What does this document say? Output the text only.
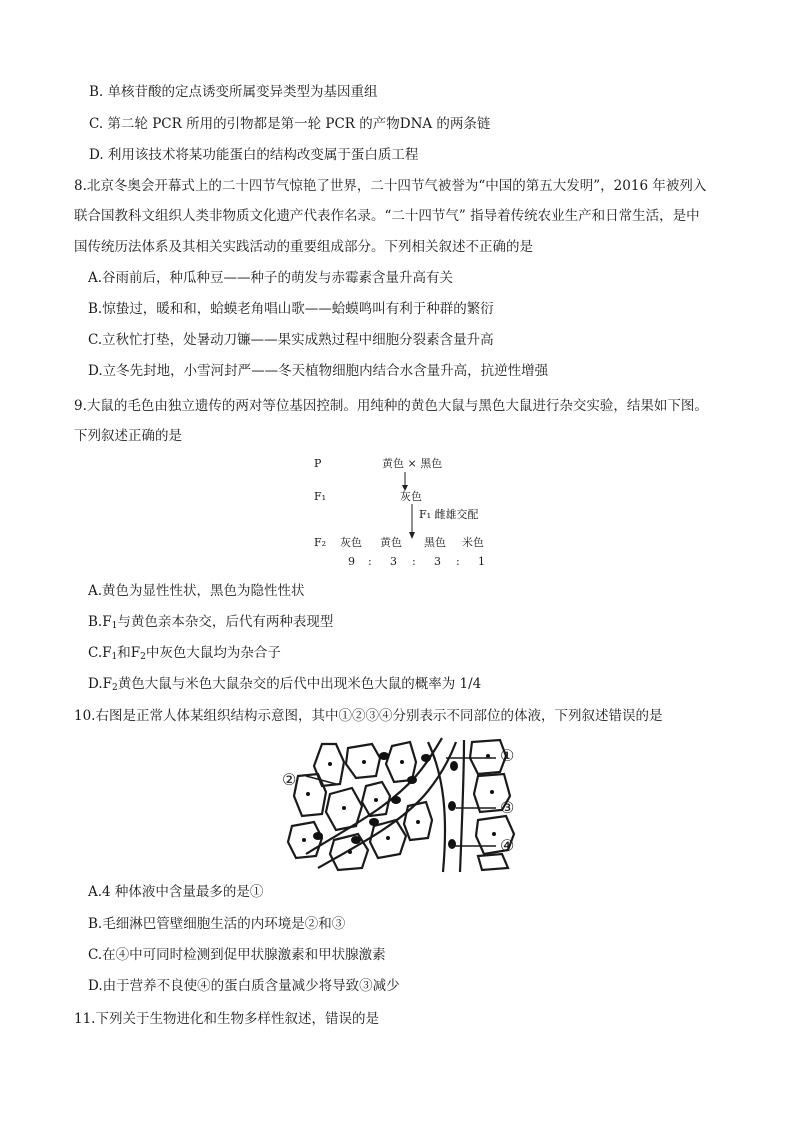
B. 单核苷酸的定点诱变所属变异类型为基因重组
C. 第二轮 PCR 所用的引物都是第一轮 PCR 的产物DNA 的两条链
D. 利用该技术将某功能蛋白的结构改变属于蛋白质工程
8.北京冬奥会开幕式上的二十四节气惊艳了世界，二十四节气被誉为“中国的第五大发明”，2016 年被列入
联合国教科文组织人类非物质文化遗产代表作名录。“二十四节气” 指导着传统农业生产和日常生活，是中
国传统历法体系及其相关实践活动的重要组成部分。下列相关叙述不正确的是
A.谷雨前后，种瓜种豆——种子的萌发与赤霉素含量升高有关
B.惊蛰过，暖和和，蛤蟆老角唱山歌——蛤蟆鸣叫有利于种群的繁衍
C.立秋忙打垫，处暑动刀镰——果实成熟过程中细胞分裂素含量升高
D.立冬先封地，小雪河封严——冬天植物细胞内结合水含量升高，抗逆性增强
9.大鼠的毛色由独立遗传的两对等位基因控制。用纯种的黄色大鼠与黑色大鼠进行杂交实验，结果如下图。
下列叙述正确的是
P	黄色 × 黑色
F₁	灰色
F₁ 雌雄交配
F₂ 灰色 黄色 黑色 米色
9 : 3 : 3 : 1
A.黄色为显性性状，黑色为隐性性状
$B.F_1$与黄色亲本杂交，后代有两种表现型
$C.F_1$和$F_2$中灰色大鼠均为杂合子
$D.F_2$黄色大鼠与米色大鼠杂交的后代中出现米色大鼠的概率为 1/4
10.右图是正常人体某组织结构示意图，其中①②③④分别表示不同部位的体液，下列叙述错误的是
①
②
③
④
A.4 种体液中含量最多的是①
B.毛细淋巴管壁细胞生活的内环境是②和③
C.在④中可同时检测到促甲状腺激素和甲状腺激素
D.由于营养不良使④的蛋白质含量减少将导致③减少
11.下列关于生物进化和生物多样性叙述，错误的是
